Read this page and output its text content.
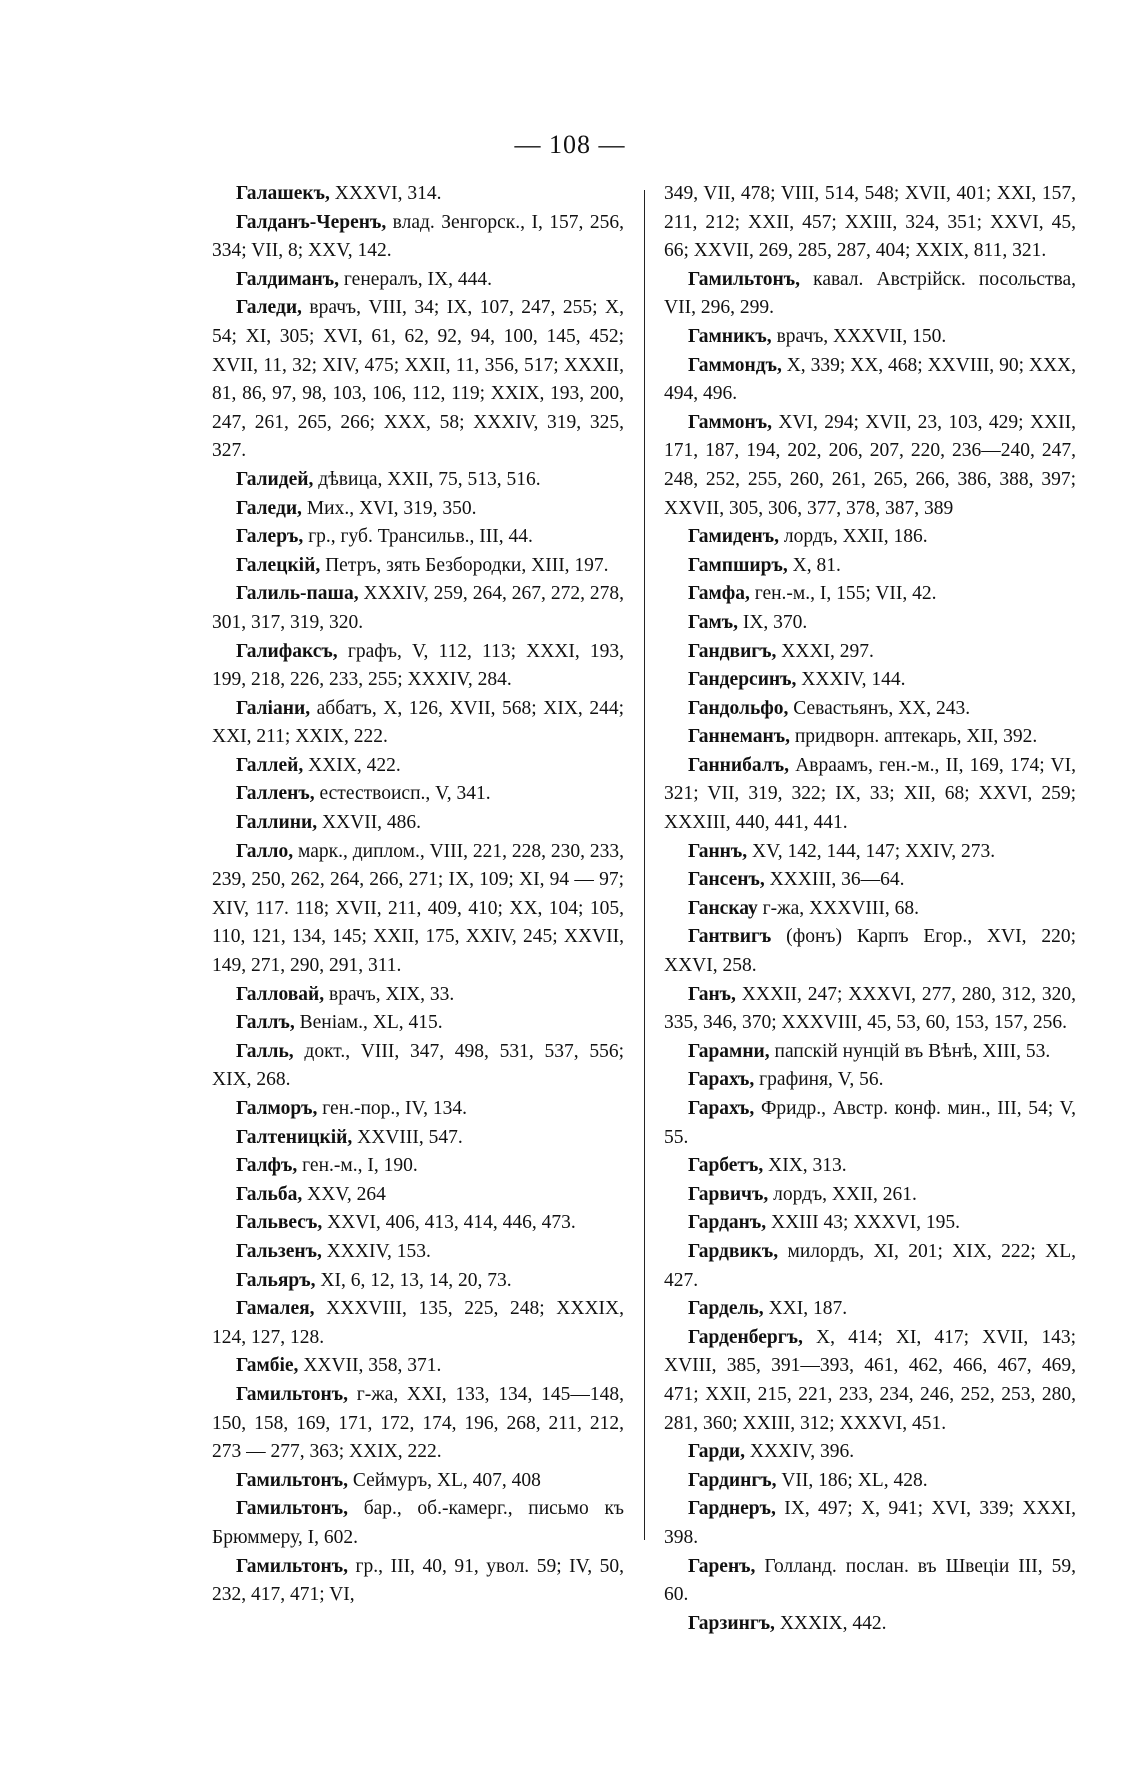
— 108 —

Галашекъ, XXXVI, 314.

Галданъ-Черенъ, влад. Зенгорск., I, 157, 256, 334; VII, 8; XXV, 142.

Галдиманъ, генералъ, IX, 444.

Галеди, врачъ, VIII, 34; IX, 107, 247, 255; X, 54; XI, 305; XVI, 61, 62, 92, 94, 100, 145, 452; XVII, 11, 32; XIV, 475; XXII, 11, 356, 517; XXXII, 81, 86, 97, 98, 103, 106, 112, 119; XXIX, 193, 200, 247, 261, 265, 266; XXX, 58; XXXIV, 319, 325, 327.

Галидей, дѣвица, XXII, 75, 513, 516.

Галеди, Мих., XVI, 319, 350.

Галеръ, гр., губ. Трансильв., III, 44.

Галецкій, Петръ, зять Безбородки, XIII, 197.

Галиль-паша, XXXIV, 259, 264, 267, 272, 278, 301, 317, 319, 320.

Галифаксъ, графъ, V, 112, 113; XXXI, 193, 199, 218, 226, 233, 255; XXXIV, 284.

Галіани, аббатъ, X, 126, XVII, 568; XIX, 244; XXI, 211; XXIX, 222.

Галлей, XXIX, 422.

Галленъ, естествоисп., V, 341.

Галлини, XXVII, 486.

Галло, марк., диплом., VIII, 221, 228, 230, 233, 239, 250, 262, 264, 266, 271; IX, 109; XI, 94 — 97; XIV, 117. 118; XVII, 211, 409, 410; XX, 104; 105, 110, 121, 134, 145; XXII, 175, XXIV, 245; XXVII, 149, 271, 290, 291, 311.

Галловай, врачъ, XIX, 33.

Галлъ, Венiам., XL, 415.

Галль, докт., VIII, 347, 498, 531, 537, 556; XIX, 268.

Галморъ, ген.-пор., IV, 134.

Галтеницкій, XXVIII, 547.

Галфъ, ген.-м., I, 190.

Гальба, XXV, 264

Гальвесъ, XXVI, 406, 413, 414, 446, 473.

Гальзенъ, XXXIV, 153.

Гальяръ, XI, 6, 12, 13, 14, 20, 73.

Гамалея, XXXVIII, 135, 225, 248; XXXIX, 124, 127, 128.

Гамбіе, XXVII, 358, 371.

Гамильтонъ, г-жа, XXI, 133, 134, 145—148, 150, 158, 169, 171, 172, 174, 196, 268, 211, 212, 273 — 277, 363; XXIX, 222.

Гамильтонъ, Сеймуръ, XL, 407, 408

Гамильтонъ, бар., об.-камерг., письмо къ Брюммеру, I, 602.

Гамильтонъ, гр., III, 40, 91, увол. 59; IV, 50, 232, 417, 471; VI,

349, VII, 478; VIII, 514, 548; XVII, 401; XXI, 157, 211, 212; XXII, 457; XXIII, 324, 351; XXVI, 45, 66; XXVII, 269, 285, 287, 404; XXIX, 811, 321.

Гамильтонъ, кавал. Австрійск. посольства, VII, 296, 299.

Гамникъ, врачъ, XXXVII, 150.

Гаммондъ, X, 339; XX, 468; XXVIII, 90; XXX, 494, 496.

Гаммонъ, XVI, 294; XVII, 23, 103, 429; XXII, 171, 187, 194, 202, 206, 207, 220, 236—240, 247, 248, 252, 255, 260, 261, 265, 266, 386, 388, 397; XXVII, 305, 306, 377, 378, 387, 389

Гамиденъ, лордъ, XXII, 186.

Гампширъ, X, 81.

Гамфа, ген.-м., I, 155; VII, 42.

Гамъ, IX, 370.

Гандвигъ, XXXI, 297.

Гандерсинъ, XXXIV, 144.

Гандольфо, Севастьянъ, XX, 243.

Ганнеманъ, придворн. аптекарь, XII, 392.

Ганнибалъ, Авраамъ, ген.-м., II, 169, 174; VI, 321; VII, 319, 322; IX, 33; XII, 68; XXVI, 259; XXXIII, 440, 441, 441.

Ганнъ, XV, 142, 144, 147; XXIV, 273.

Гансенъ, XXXIII, 36—64.

Ганскау г-жа, XXXVIII, 68.

Гантвигъ (фонъ) Карпъ Егор., XVI, 220; XXVI, 258.

Ганъ, XXXII, 247; XXXVI, 277, 280, 312, 320, 335, 346, 370; XXXVIII, 45, 53, 60, 153, 157, 256.

Гарамни, папскій нунцій въ Вѣнѣ, XIII, 53.

Гарахъ, графиня, V, 56.

Гарахъ, Фридр., Австр. конф. мин., III, 54; V, 55.

Гарбетъ, XIX, 313.

Гарвичъ, лордъ, XXII, 261.

Гарданъ, XXIII 43; XXXVI, 195.

Гардвикъ, милордъ, XI, 201; XIX, 222; XL, 427.

Гардель, XXI, 187.

Гарденбергъ, X, 414; XI, 417; XVII, 143; XVIII, 385, 391—393, 461, 462, 466, 467, 469, 471; XXII, 215, 221, 233, 234, 246, 252, 253, 280, 281, 360; XXIII, 312; XXXVI, 451.

Гарди, XXXIV, 396.

Гардингъ, VII, 186; XL, 428.

Гарднеръ, IX, 497; X, 941; XVI, 339; XXXI, 398.

Гаренъ, Голланд. послан. въ Швеціи III, 59, 60.

Гарзингъ, XXXIX, 442.
